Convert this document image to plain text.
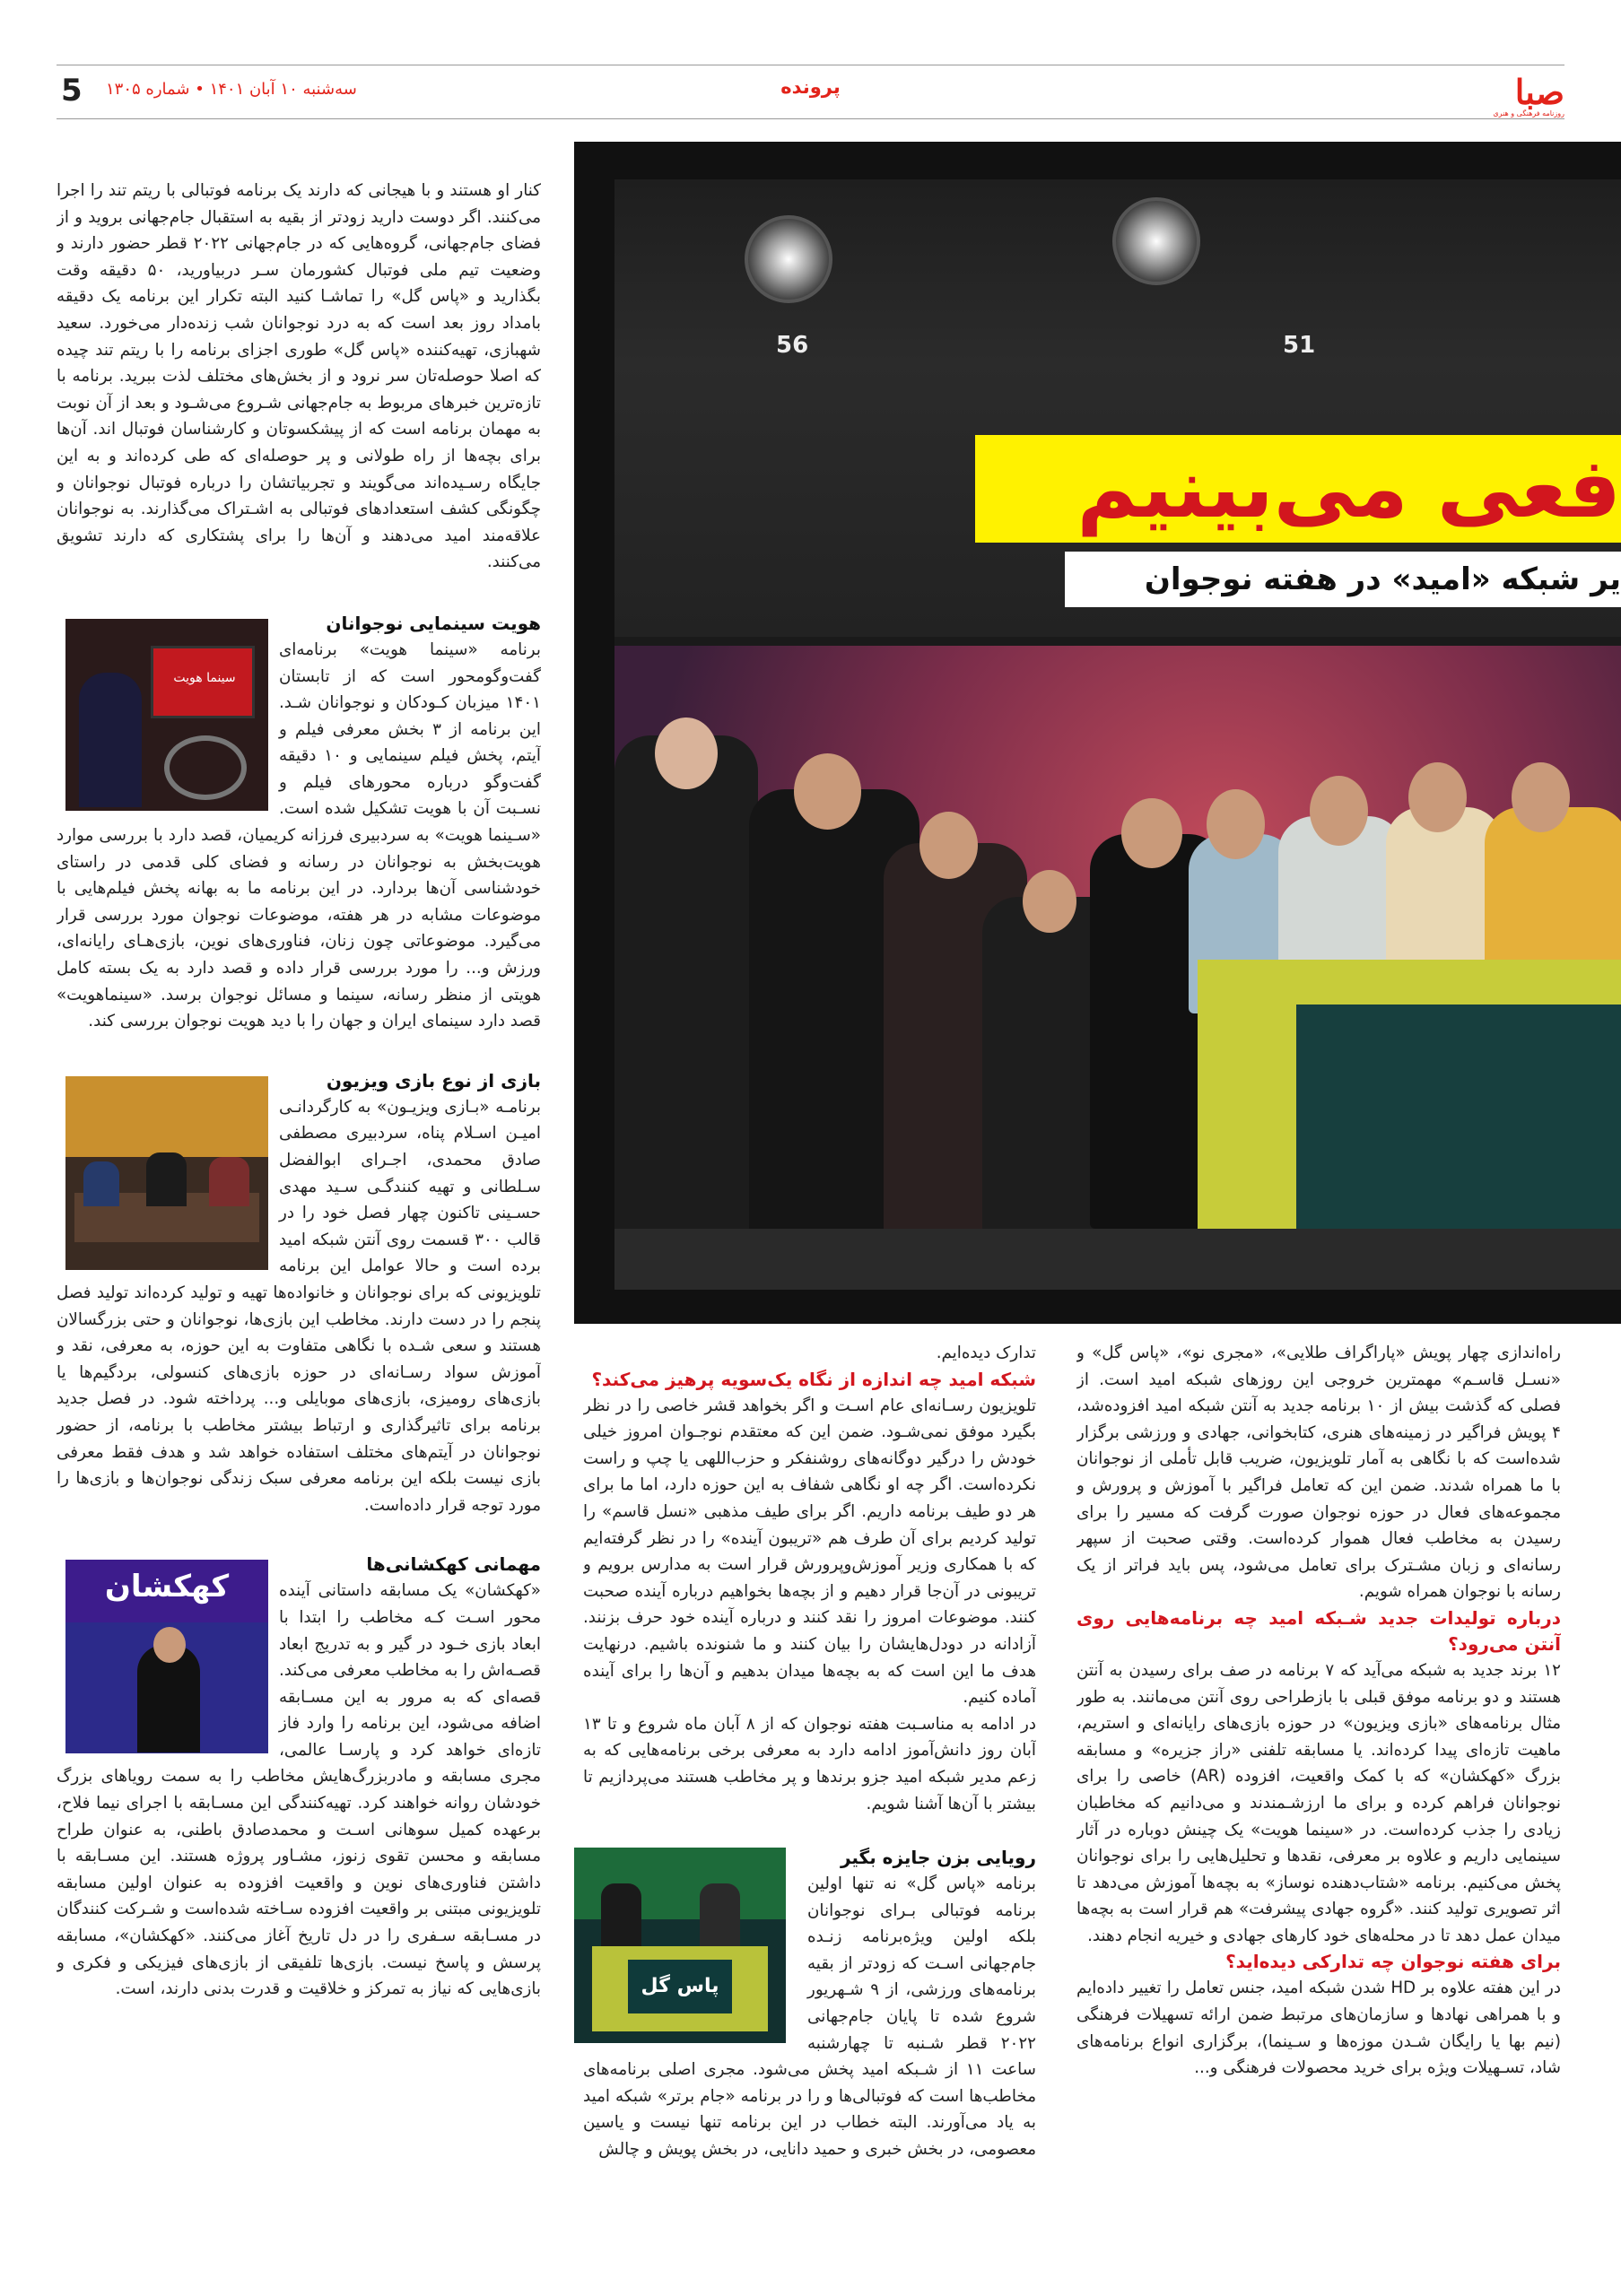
صبا
روزنامه فرهنگی و هنری
پرونده
5 سه‌شنبه ۱۰ آبان ۱۴۰۱ • شماره ۱۳۰۵
56	51
فعی می‌بینیم
یر شبکه «امید» در هفته نوجوان
سینما هویت
کهکشان

تدارک دیده‌ایم.

شبکه امید چه اندازه از نگاه یک‌سویه پرهیز می‌کند؟

تلویزیون رسـانه‌ای عام اسـت و اگر بخواهد قشر خاصی را در نظر بگیرد موفق نمی‌شـود. ضمن این که معتقدم نوجـوان امروز خیلی خودش را درگیر دوگانه‌های روشنفکر و حزب‌اللهی یا چپ و راست نکرده‌است. اگر چه او نگاهی شفاف به این حوزه دارد، اما ما برای هر دو طیف برنامه داریم. اگر برای طیف مذهبی «نسل قاسم» را تولید کردیم برای آن طرف هم «تریبون آینده» را در نظر گرفته‌ایم که با همکاری وزیر آموزش‌وپرورش قرار است به مدارس برویم و تریبونی در آن‌جا قرار دهیم و از بچه‌ها بخواهیم درباره آینده صحبت کنند. موضوعات امروز را نقد کنند و درباره آینده خود حرف بزنند. آزادانه در دودل‌هایشان را بیان کنند و ما شنونده باشیم. درنهایت هدف ما این است که به بچه‌ها میدان بدهیم و آن‌ها را برای آینده آماده کنیم.

در ادامه به مناسـبت هفته نوجوان که از ۸ آبان ماه شروع و تا ۱۳ آبان روز دانش‌آموز ادامه دارد به معرفی برخی برنامه‌هایی که به زعم مدیر شبکه امید جزو برندها و پر مخاطب هستند می‌پردازیم تا بیشتر با آن‌ها آشنا شویم.

رویایی بزن جایزه بگیر

برنامه «پاس گل» نه تنها اولین برنامه فوتبالی بـرای نوجوانان بلکه اولین ویژه‌برنامه زنـده جام‌جهانی اسـت که زودتر از بقیه برنامه‌های ورزشی، از ۹ شـهریور شروع شده تا پایان جام‌جهانی ۲۰۲۲ قطر شـنبه تا چهارشنبه ساعت ۱۱ از شـبکه امید پخش می‌شود. مجری اصلی برنامه‌های مخاطب‌ها است که فوتبالی‌ها و را در برنامه «جام برتر» شبکه امید به یاد می‌آورند. البته خطاب در این برنامه تنها نیست و یاسین معصومی، در بخش خبری و حمید دانایی، در بخش پویش و چالش

پاس گل

راه‌اندازی چهار پویش «پاراگراف طلایی»، «مجری نو»، «پاس گل» و «نسـل قاسـم» مهمترین خروجی این روزهای شبکه امید است. از فصلی که گذشت بیش از ۱۰ برنامه جدید به آنتن شبکه امید افزوده‌شد، ۴ پویش فراگیر در زمینه‌های هنری، کتابخوانی، جهادی و ورزشی برگزار شده‌است که با نگاهی به آمار تلویزیون، ضریب قابل تأملی از نوجوانان با ما همراه شدند. ضمن این که تعامل فراگیر با آموزش و پرورش و مجموعه‌های فعال در حوزه نوجوان صورت گرفت که مسیر را برای رسیدن به مخاطب فعال هموار کرده‌است. وقتی صحبت از سپهر رسانه‌ای و زبان مشـترک برای تعامل می‌شود، پس باید فراتر از یک رسانه با نوجوان همراه شویم.

درباره تولیدات جدید شـبکه امید چه برنامه‌هایی روی آنتن می‌رود؟

۱۲ برند جدید به شبکه می‌آید که ۷ برنامه در صف برای رسیدن به آنتن هستند و دو برنامه موفق قبلی با بازطراحی روی آنتن می‌مانند. به طور مثال برنامه‌های «بازی ویزیون» در حوزه بازی‌های رایانه‌ای و استریم، ماهیت تازه‌ای پیدا کرده‌اند. یا مسابقه تلفنی «راز جزیره» و مسابقه بزرگ «کهکشان» که با کمک واقعیت، افزوده (AR) خاصی را برای نوجوانان فراهم کرده و برای ما ارزشـمندند و می‌دانیم که مخاطبان زیادی را جذب کرده‌است. در «سینما هویت» یک چینش دوباره در آثار سینمایی داریم و علاوه بر معرفی، نقدها و تحلیل‌هایی را برای نوجوانان پخش می‌کنیم. برنامه «شتاب‌دهنده نوساز» به بچه‌ها آموزش می‌دهد تا اثر تصویری تولید کنند. «گروه جهادی پیشرفت» هم قرار است به بچه‌ها میدان عمل دهد تا در محله‌های خود کارهای جهادی و خیریه انجام دهند.

برای هفته نوجوان چه تدارکی دیده‌اید؟

در این هفته علاوه بر HD شدن شبکه امید، جنس تعامل را تغییر داده‌ایم و با همراهی نهادها و سازمان‌های مرتبط ضمن ارائه تسهیلات فرهنگی (نیم بها یا رایگان شـدن موزه‌ها و سـینما)، برگزاری انواع برنامه‌های شاد، تسـهیلات ویژه برای خرید محصولات فرهنگی و...

کنار او هستند و با هیجانی که دارند یک برنامه فوتبالی با ریتم تند را اجرا می‌کنند. اگر دوست دارید زودتر از بقیه به استقبال جام‌جهانی بروید و از فضای جام‌جهانی، گروه‌هایی که در جام‌جهانی ۲۰۲۲ قطر حضور دارند و وضعیت تیم ملی فوتبال کشورمان سـر دربیاورید، ۵۰ دقیقه وقت بگذارید و «پاس گل» را تماشـا کنید البته تکرار این برنامه یک دقیقه بامداد روز بعد است که به درد نوجوانان شب زنده‌دار می‌خورد. سعید شهبازی، تهیه‌کننده «پاس گل» طوری اجزای برنامه را با ریتم تند چیده که اصلا حوصله‌تان سر نرود و از بخش‌های مختلف لذت ببرید. برنامه با تازه‌ترین خبرهای مربوط به جام‌جهانی شـروع می‌شـود و بعد از آن نوبت به مهمان برنامه است که از پیشکسوتان و کارشناسان فوتبال اند. آن‌ها برای بچه‌ها از راه طولانی و پر حوصله‌ای که طی کرده‌اند و به این جایگاه رسـیده‌اند می‌گویند و تجربیاتشان را درباره فوتبال نوجوانان و چگونگی کشف استعدادهای فوتبالی به اشـتراک می‌گذارند. به نوجوانان علاقه‌مند امید می‌دهند و آن‌ها را برای پشتکاری که دارند تشویق می‌کنند.

هویت سینمایی نوجوانان

برنامه «سینما هویت» برنامه‌ای گفت‌وگومحور است که از تابستان ۱۴۰۱ میزبان کـودکان و نوجوانان شـد. این برنامه از ۳ بخش معرفی فیلم و آیتم، پخش فیلم سینمایی و ۱۰ دقیقه گفت‌وگو درباره محورهای فیلم و نسـبت آن با هویت تشکیل شده است. «سـینما هویت» به سردبیری فرزانه کریمیان، قصد دارد با بررسی موارد هویت‌بخش به نوجوانان در رسانه و فضای کلی قدمی در راستای خودشناسی آن‌ها بردارد. در این برنامه ما به بهانه پخش فیلم‌هایی با موضوعات مشابه در هر هفته، موضوعات نوجوان مورد بررسی قرار می‌گیرد. موضوعاتی چون زنان، فناوری‌های نوین، بازی‌هـای رایانه‌ای، ورزش و... را مورد بررسی قرار داده و قصد دارد به یک بسته کامل هویتی از منظر رسانه، سینما و مسائل نوجوان برسد. «سینماهویت» قصد دارد سینمای ایران و جهان را با دید هویت نوجوان بررسی کند.

بازی از نوع بازی ویزیون

برنامـه «بـازی ویزیـون» به کارگردانـی امیـن اسـلام پناه، سردبیری مصطفی صادق محمدی، اجـرای ابوالفضل سـلطانی و تهیه کنندگـی سـید مهدی حسـینی تاکنون چهار فصل خود را در قالب ۳۰۰ قسمت روی آنتن شبکه امید برده است و حالا عوامل این برنامه تلویزیونی که برای نوجوانان و خانواده‌ها تهیه و تولید کرده‌اند تولید فصل پنجم را در دست دارند. مخاطب این بازی‌ها، نوجوانان و حتی بزرگسالان هستند و سعی شـده با نگاهی متفاوت به این حوزه، به معرفی، نقد و آموزش سواد رسـانه‌ای در حوزه بازی‌های کنسولی، بردگیم‌ها یا بازی‌های رومیزی، بازی‌های موبایلی و... پرداخته شود. در فصل جدید برنامه برای تاثیرگذاری و ارتباط بیشتر مخاطب با برنامه، از حضور نوجوانان در آیتم‌های مختلف استفاده خواهد شد و هدف فقط معرفی بازی نیست بلکه این برنامه معرفی سبک زندگی نوجوان‌ها و بازی‌ها را مورد توجه قرار داده‌است.

مهمانی کهکشانی‌ها

«کهکشان» یک مسابقه داستانی آینده محور اسـت کـه مخاطب را ابتدا با ابعاد بازی خـود در گیر و به تدریج ابعاد قصـه‌اش را به مخاطب معرفی می‌کند. قصه‌ای که به مرور به این مسـابقه اضافه می‌شود، این برنامه را وارد فاز تازه‌ای خواهد کرد و پارسـا عالمی، مجری مسابقه و مادربزرگ‌هایش مخاطب را به سمت رویاهای بزرگ خودشان روانه خواهند کرد. تهیه‌کنندگی این مسـابقه با اجرای نیما فلاح، برعهده کمیل سوهانی اسـت و محمدصادق باطنی، به عنوان طراح مسابقه و محسن تقوی زنوز، مشـاور پروژه هستند. این مسـابقه با داشتن فناوری‌های نوین و واقعیت افزوده به عنوان اولین مسابقه تلویزیونی مبتنی بر واقعیت افزوده سـاخته شده‌است و شـرکت کنندگان در مسـابقه سـفری را در دل تاریخ آغاز می‌کنند. «کهکشان»، مسابقه پرسش و پاسخ نیست. بازی‌ها تلفیقی از بازی‌های فیزیکی و فکری و بازی‌هایی که نیاز به تمرکز و خلاقیت و قدرت بدنی دارند، است.
